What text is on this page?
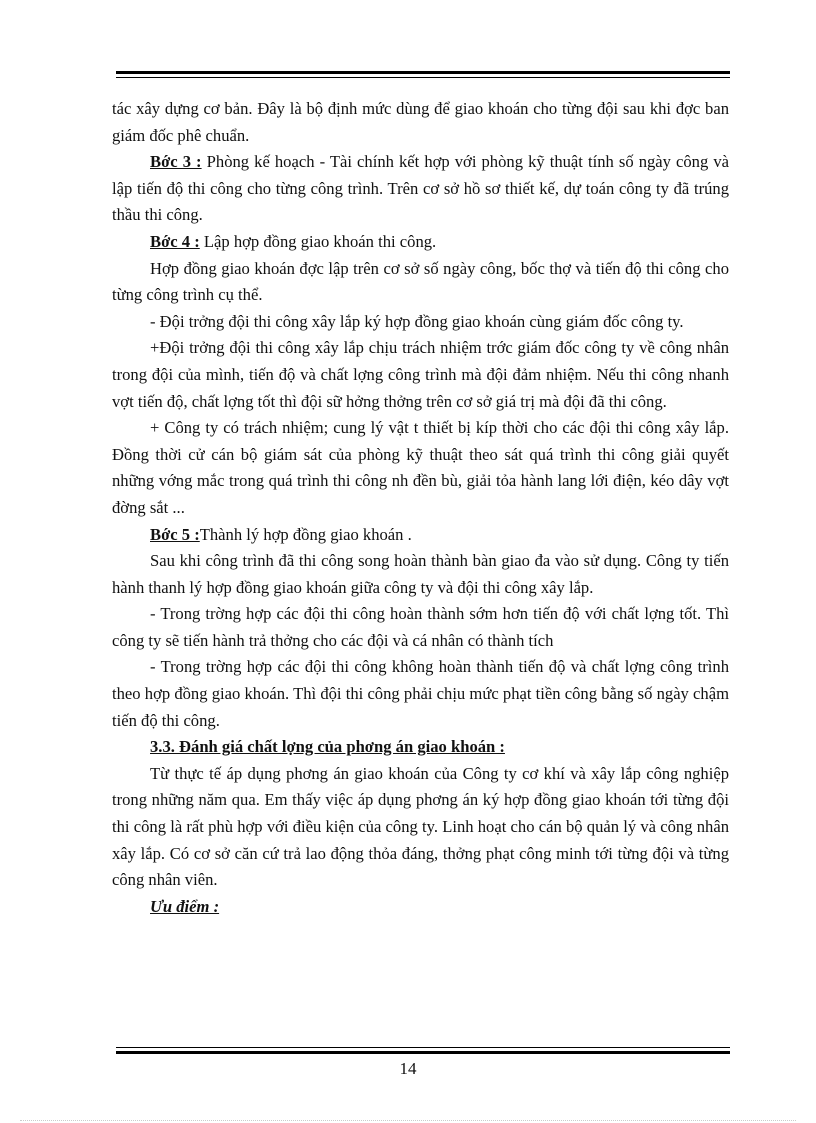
tác xây dựng cơ bản. Đây là bộ định mức dùng để giao khoán cho từng đội sau khi đợc ban giám đốc phê chuẩn.

Bớc 3 : Phòng kế hoạch - Tài chính kết hợp với phòng kỹ thuật tính số ngày công và lập tiến độ thi công cho từng công trình. Trên cơ sở hồ sơ thiết kế, dự toán công ty đã trúng thầu thi công.

Bớc 4 : Lập hợp đồng giao khoán thi công.

Hợp đồng giao khoán đợc lập trên cơ sở số ngày công, bốc thợ và tiến độ thi công cho từng công trình cụ thể.

- Đội trởng đội thi công xây lắp ký hợp đồng giao khoán cùng giám đốc công ty.

+Đội trởng đội thi công xây lắp chịu trách nhiệm trớc giám đốc công ty về công nhân trong đội của mình, tiến độ và chất lợng công trình mà đội đảm nhiệm. Nếu thi công nhanh vợt tiến độ, chất lợng tốt thì đội sữ hởng thởng trên cơ sở giá trị mà đội đã thi công.

+ Công ty có trách nhiệm; cung lý vật t thiết bị kíp thời cho các đội thi công xây lắp. Đồng thời cử cán bộ giám sát của phòng kỹ thuật theo sát quá trình thi công giải quyết những vớng mắc trong quá trình thi công nh đền bù, giải tỏa hành lang lới điện, kéo dây vợt đờng sắt ...

Bớc 5 :Thành lý hợp đồng giao khoán .

Sau khi công trình đã thi công song hoàn thành bàn giao đa vào sử dụng. Công ty tiến hành thanh lý hợp đồng giao khoán giữa công ty và đội thi công xây lắp.

- Trong trờng hợp các đội thi công hoàn thành sớm hơn tiến độ với chất lợng tốt. Thì công ty sẽ tiến hành trả thởng cho các đội và cá nhân có thành tích

- Trong trờng hợp các đội thi công không hoàn thành tiến độ và chất lợng công trình theo hợp đồng giao khoán. Thì đội thi công phải chịu mức phạt tiền công bằng số ngày chậm tiến độ thi công.

3.3. Đánh giá chất lợng của phơng án giao khoán :

Từ thực tế áp dụng phơng án giao khoán của Công ty cơ khí và xây lắp công nghiệp trong những năm qua. Em thấy việc áp dụng phơng án ký hợp đồng giao khoán tới từng đội thi công là rất phù hợp với điều kiện của công ty. Linh hoạt cho cán bộ quản lý và công nhân xây lắp. Có cơ sở căn cứ trả lao động thỏa đáng, thởng phạt công minh tới từng đội và từng công nhân viên.

Ưu điểm :

14
